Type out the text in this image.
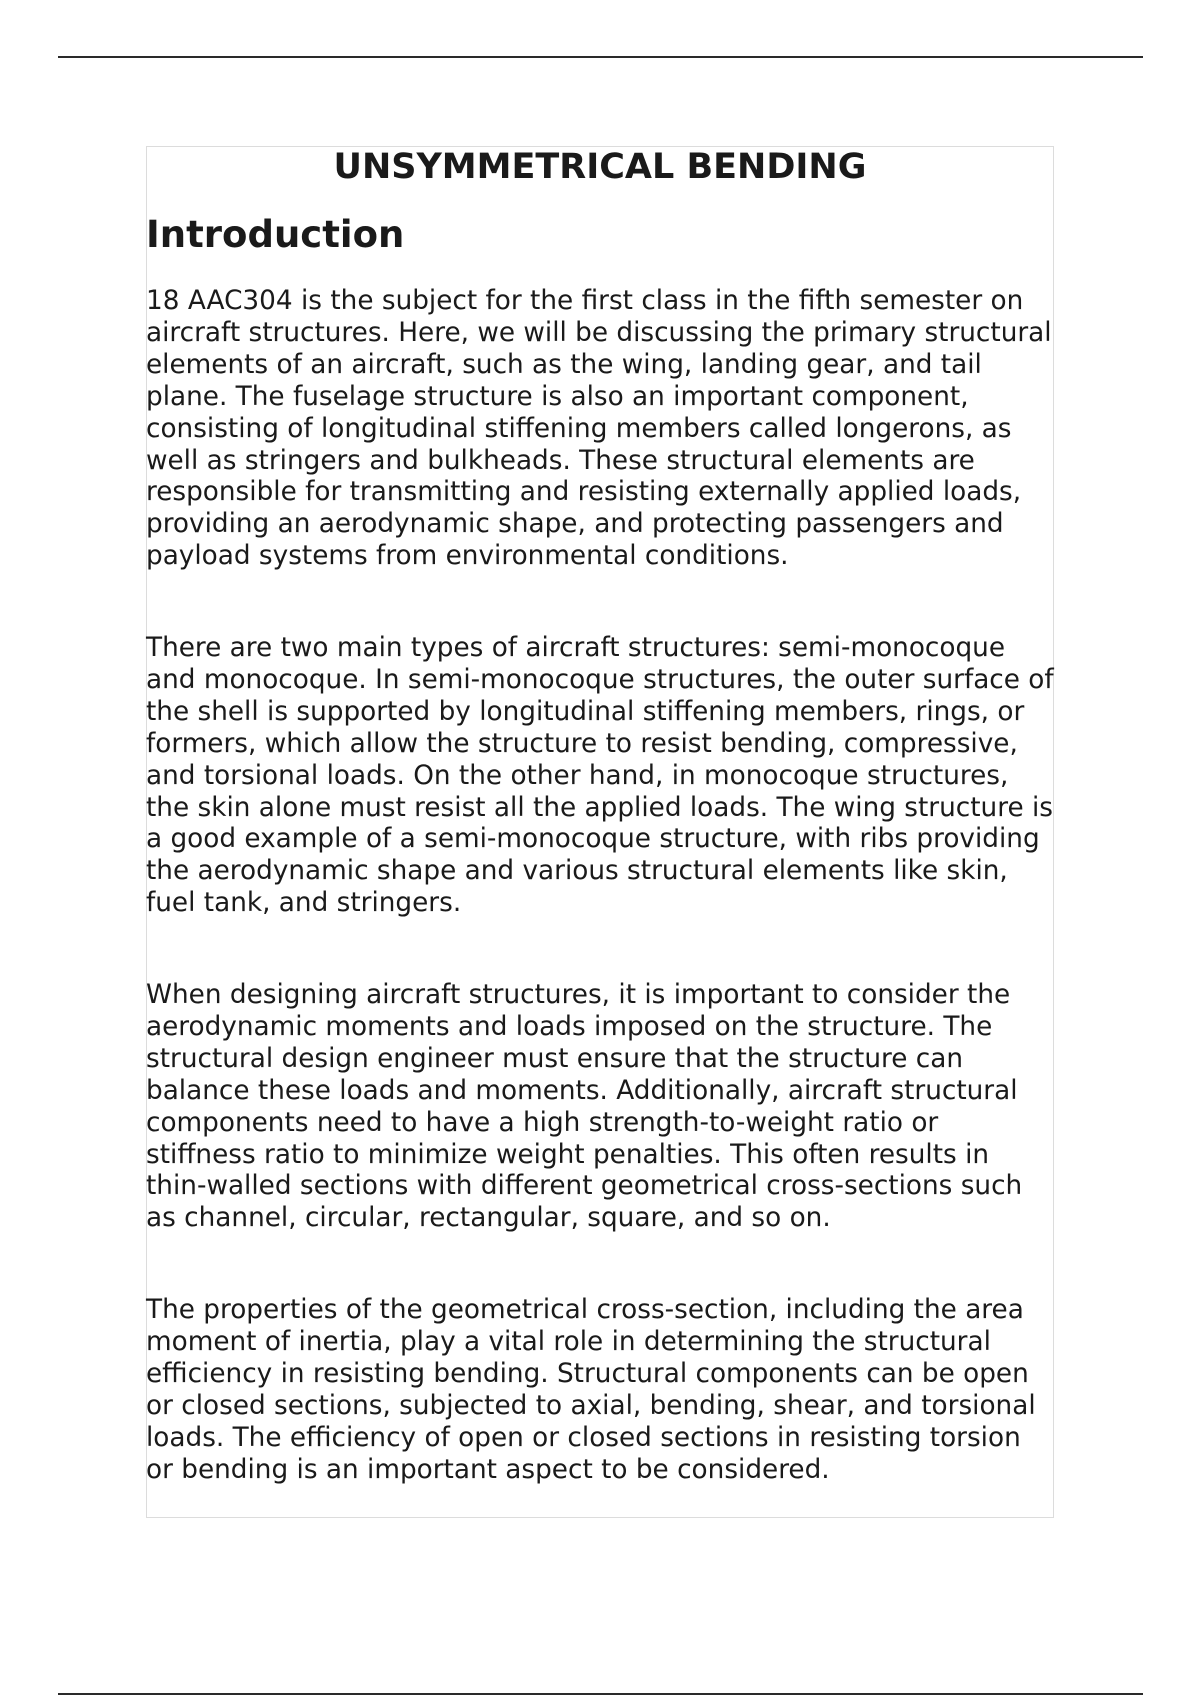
UNSYMMETRICAL BENDING
Introduction

18 AAC304 is the subject for the first class in the fifth semester on aircraft structures. Here, we will be discussing the primary structural elements of an aircraft, such as the wing, landing gear, and tail plane. The fuselage structure is also an important component, consisting of longitudinal stiffening members called longerons, as well as stringers and bulkheads. These structural elements are responsible for transmitting and resisting externally applied loads, providing an aerodynamic shape, and protecting passengers and payload systems from environmental conditions.

There are two main types of aircraft structures: semi-monocoque and monocoque. In semi-monocoque structures, the outer surface of the shell is supported by longitudinal stiffening members, rings, or formers, which allow the structure to resist bending, compressive, and torsional loads. On the other hand, in monocoque structures, the skin alone must resist all the applied loads. The wing structure is a good example of a semi-monocoque structure, with ribs providing the aerodynamic shape and various structural elements like skin, fuel tank, and stringers.

When designing aircraft structures, it is important to consider the aerodynamic moments and loads imposed on the structure. The structural design engineer must ensure that the structure can balance these loads and moments. Additionally, aircraft structural components need to have a high strength-to-weight ratio or stiffness ratio to minimize weight penalties. This often results in thin-walled sections with different geometrical cross-sections such as channel, circular, rectangular, square, and so on.

The properties of the geometrical cross-section, including the area moment of inertia, play a vital role in determining the structural efficiency in resisting bending. Structural components can be open or closed sections, subjected to axial, bending, shear, and torsional loads. The efficiency of open or closed sections in resisting torsion or bending is an important aspect to be considered.
